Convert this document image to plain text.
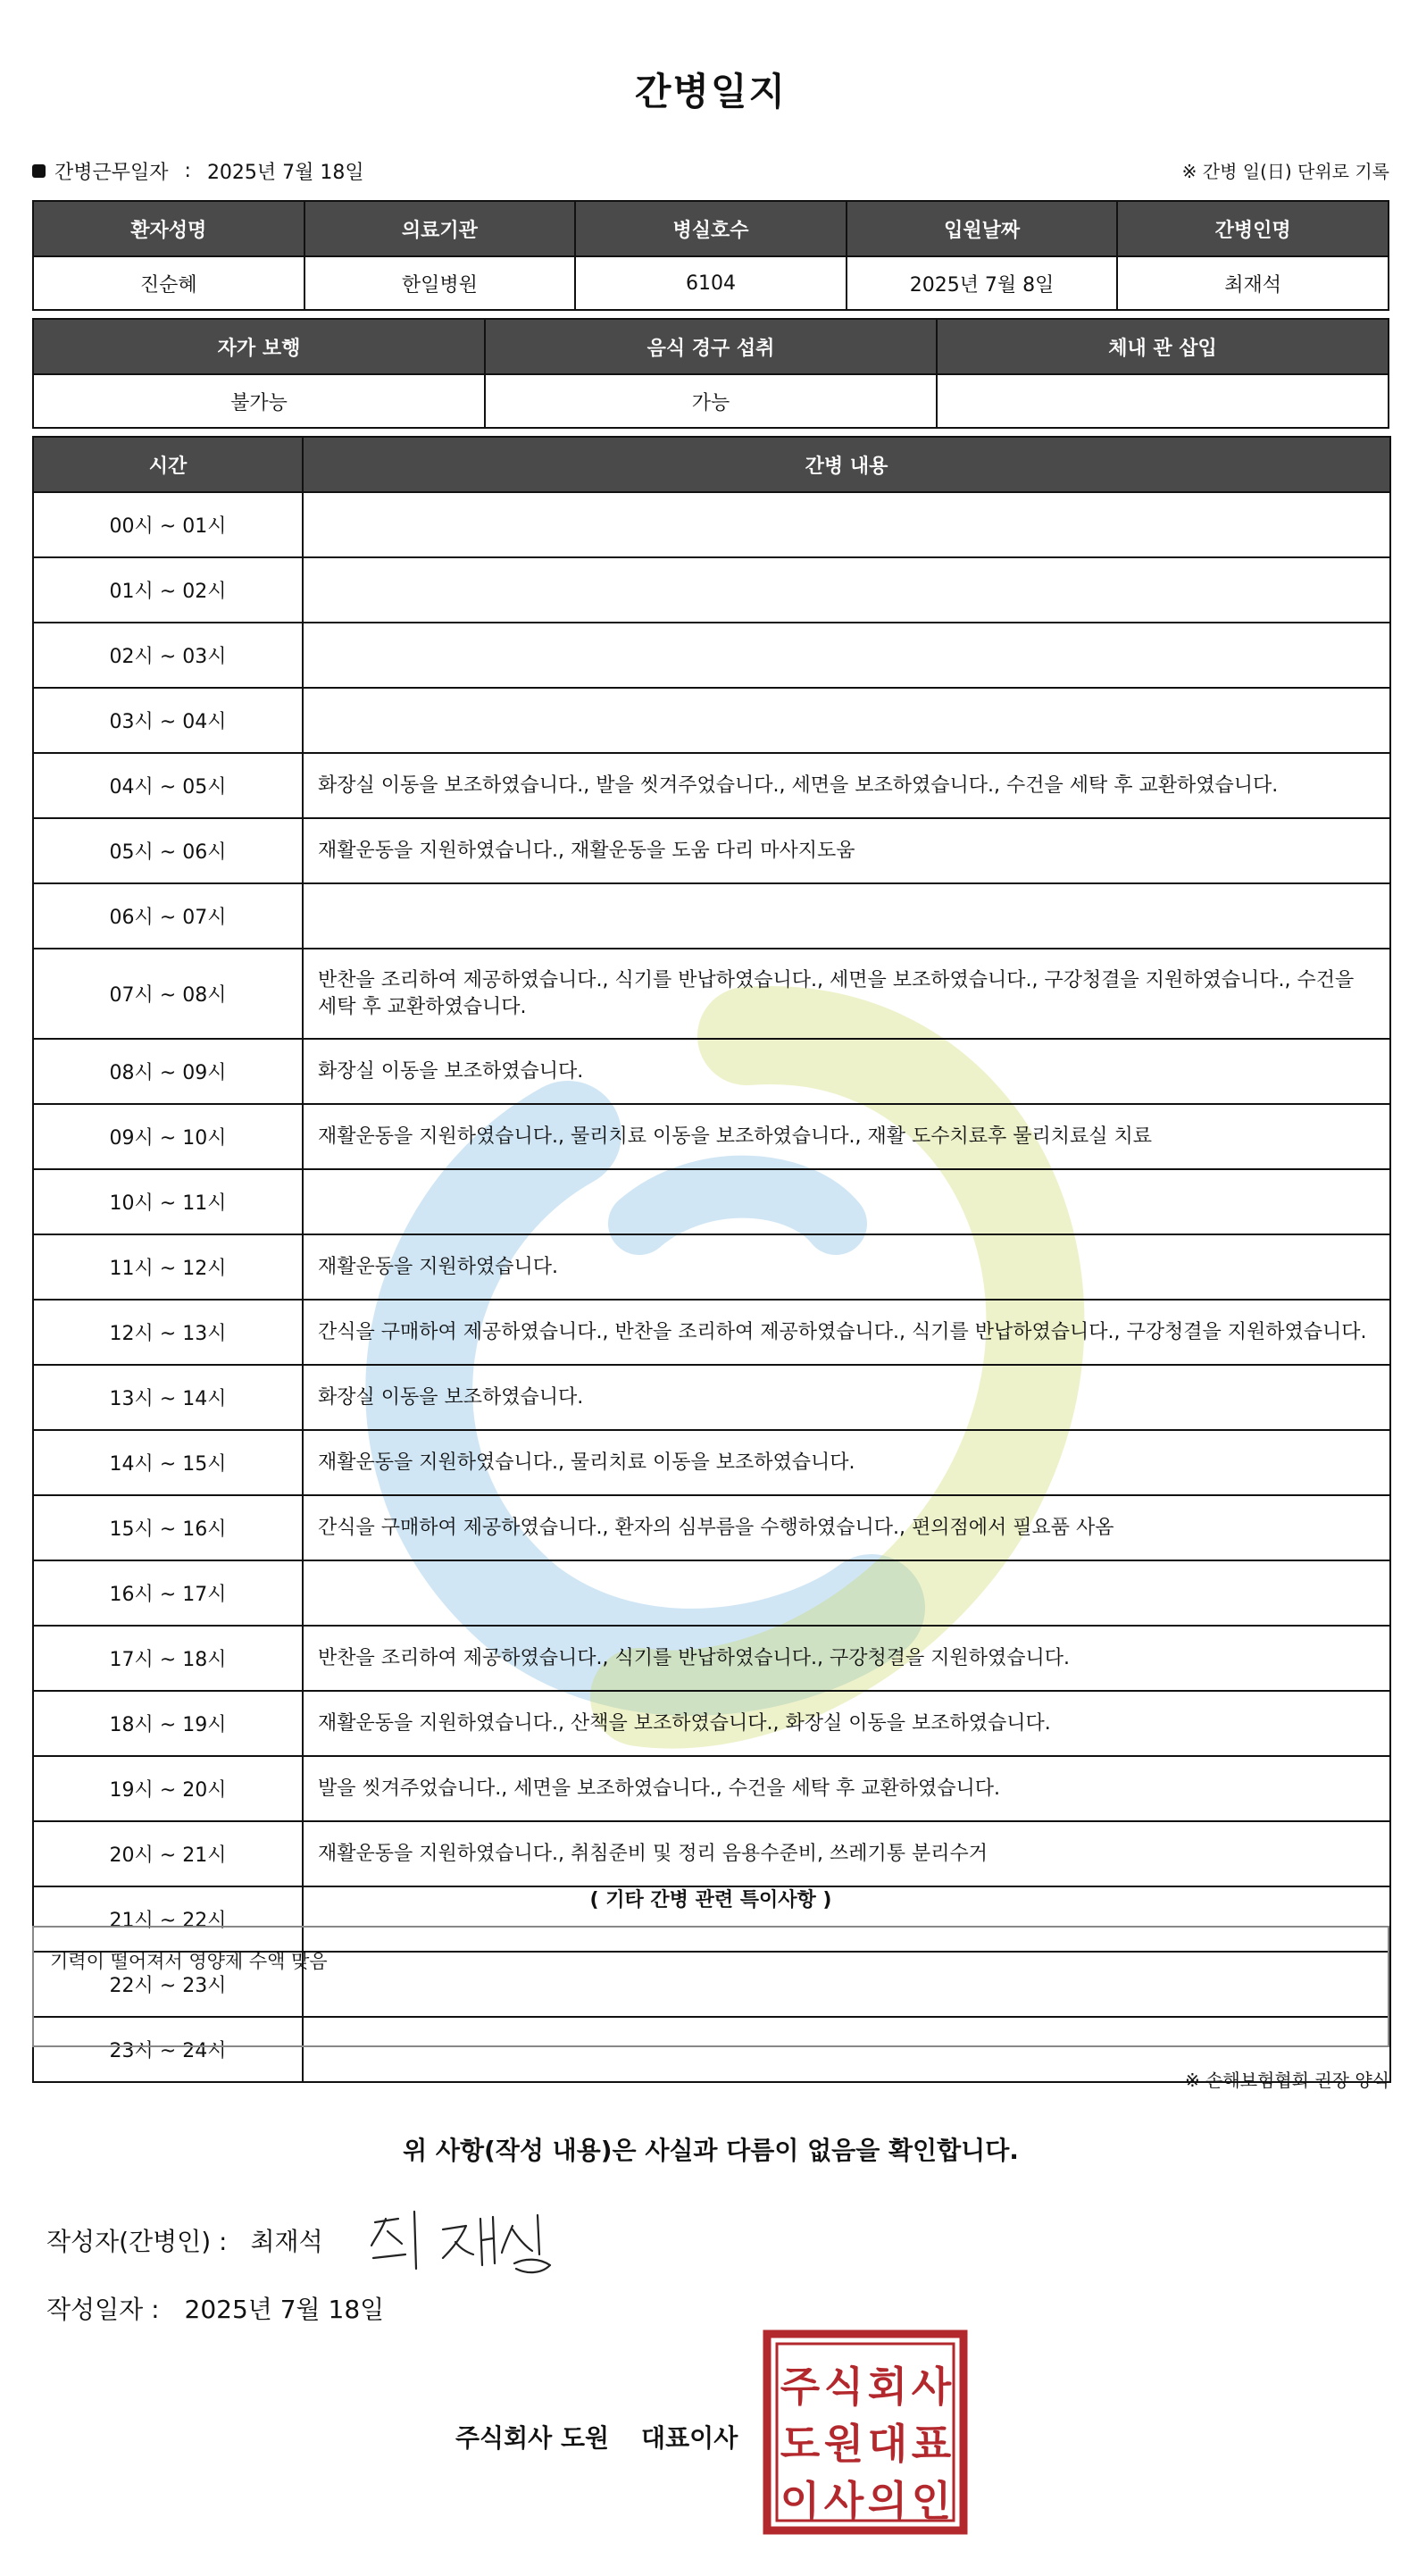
간병일지
간병근무일자 : 2025년 7월 18일	※ 간병 일(日) 단위로 기록
환자성명	의료기관	병실호수	입원날짜	간병인명
진순혜	한일병원	6104	2025년 7월 8일	최재석
자가 보행	음식 경구 섭취	체내 관 삽입
불가능	가능	
시간	간병 내용
00시 ~ 01시	
01시 ~ 02시	
02시 ~ 03시	
03시 ~ 04시	
04시 ~ 05시	화장실 이동을 보조하였습니다., 발을 씻겨주었습니다., 세면을 보조하였습니다., 수건을 세탁 후 교환하였습니다.
05시 ~ 06시	재활운동을 지원하였습니다., 재활운동을 도움 다리 마사지도움
06시 ~ 07시	
07시 ~ 08시	반찬을 조리하여 제공하였습니다., 식기를 반납하였습니다., 세면을 보조하였습니다., 구강청결을 지원하였습니다., 수건을 세탁 후 교환하였습니다.
08시 ~ 09시	화장실 이동을 보조하였습니다.
09시 ~ 10시	재활운동을 지원하였습니다., 물리치료 이동을 보조하였습니다., 재활 도수치료후 물리치료실 치료
10시 ~ 11시	
11시 ~ 12시	재활운동을 지원하였습니다.
12시 ~ 13시	간식을 구매하여 제공하였습니다., 반찬을 조리하여 제공하였습니다., 식기를 반납하였습니다., 구강청결을 지원하였습니다.
13시 ~ 14시	화장실 이동을 보조하였습니다.
14시 ~ 15시	재활운동을 지원하였습니다., 물리치료 이동을 보조하였습니다.
15시 ~ 16시	간식을 구매하여 제공하였습니다., 환자의 심부름을 수행하였습니다., 편의점에서 필요품 사옴
16시 ~ 17시	
17시 ~ 18시	반찬을 조리하여 제공하였습니다., 식기를 반납하였습니다., 구강청결을 지원하였습니다.
18시 ~ 19시	재활운동을 지원하였습니다., 산책을 보조하였습니다., 화장실 이동을 보조하였습니다.
19시 ~ 20시	발을 씻겨주었습니다., 세면을 보조하였습니다., 수건을 세탁 후 교환하였습니다.
20시 ~ 21시	재활운동을 지원하였습니다., 취침준비 및 정리 음용수준비, 쓰레기통 분리수거
21시 ~ 22시	
22시 ~ 23시	
23시 ~ 24시	
( 기타 간병 관련 특이사항 )
기력이 떨어져서 영양제 수액 맞음
※ 손해보험협회 권장 양식
위 사항(작성 내용)은 사실과 다름이 없음을 확인합니다.
작성자(간병인) : 최재석
작성일자 : 2025년 7월 18일
주식회사 도원 대표이사
주 식 회 사
도 원 대 표
이 사 의 인
